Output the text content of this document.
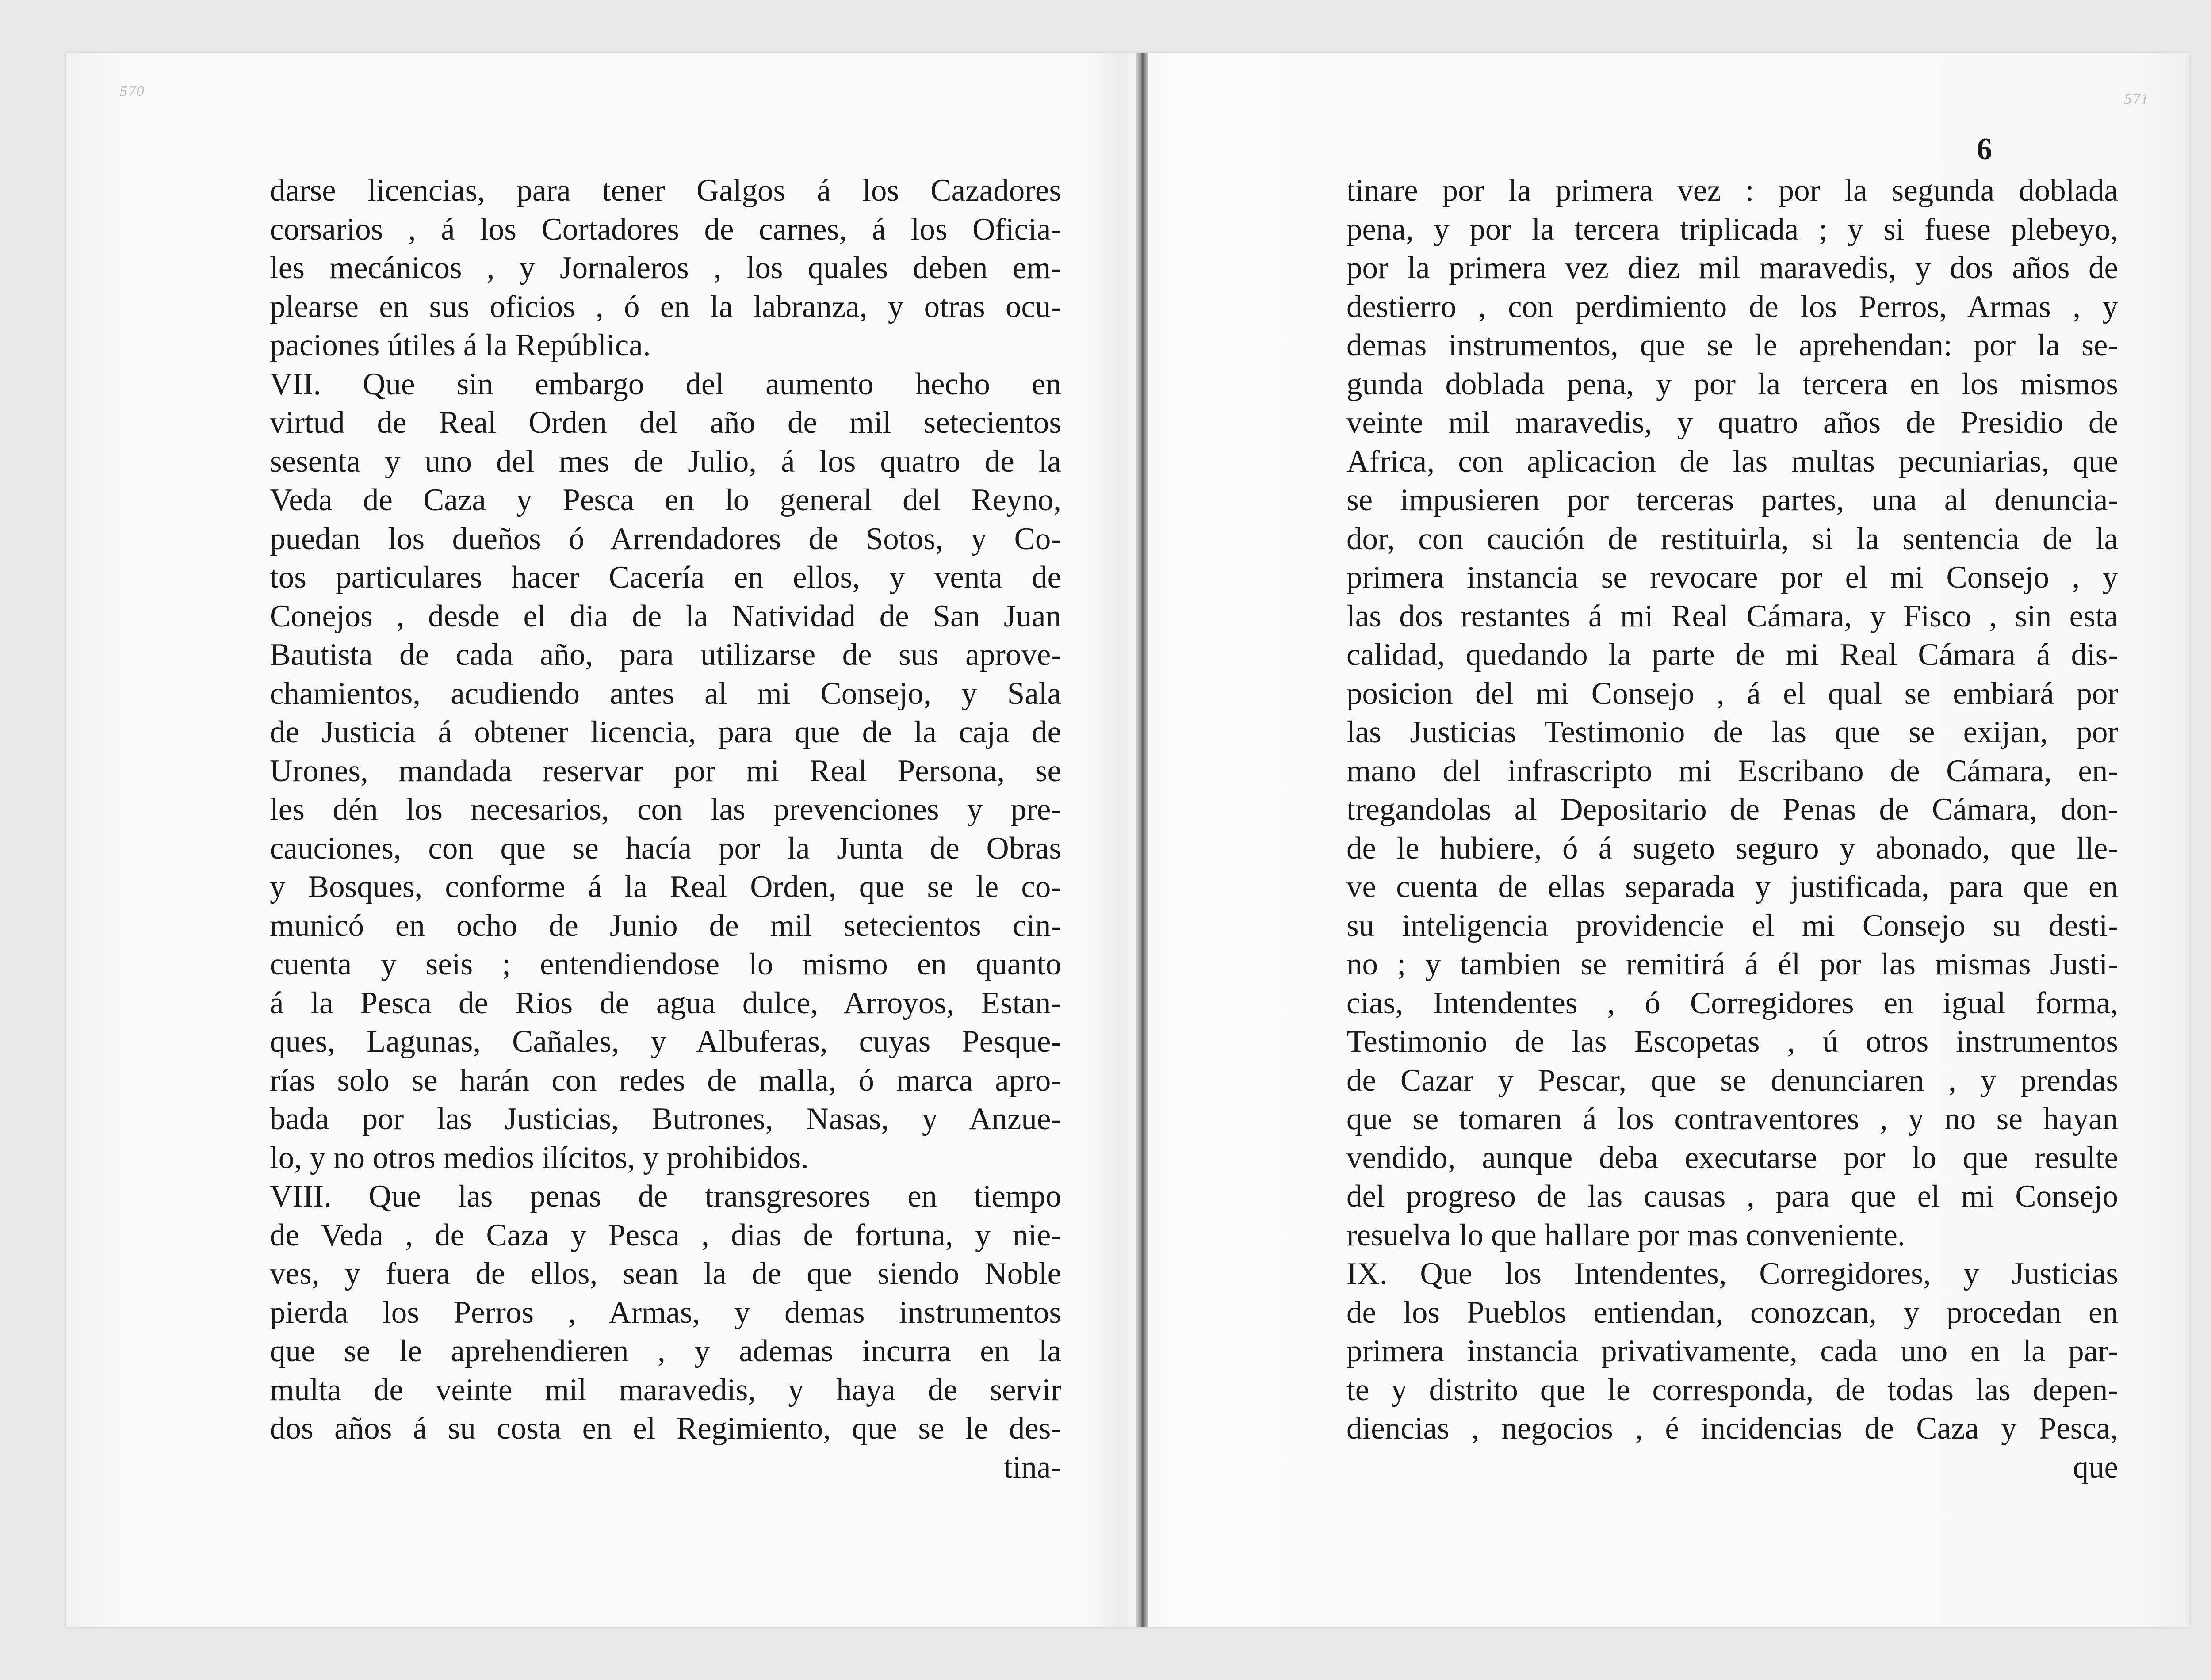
570
darse licencias, para tener Galgos á los Cazadores
corsarios , á los Cortadores de carnes, á los Oficia-
les mecánicos , y Jornaleros , los quales deben em-
plearse en sus oficios , ó en la labranza, y otras ocu-
paciones útiles á la República.
VII. Que sin embargo del aumento hecho en
virtud de Real Orden del año de mil setecientos
sesenta y uno del mes de Julio, á los quatro de la
Veda de Caza y Pesca en lo general del Reyno,
puedan los dueños ó Arrendadores de Sotos, y Co-
tos particulares hacer Cacería en ellos, y venta de
Conejos , desde el dia de la Natividad de San Juan
Bautista de cada año, para utilizarse de sus aprove-
chamientos, acudiendo antes al mi Consejo, y Sala
de Justicia á obtener licencia, para que de la caja de
Urones, mandada reservar por mi Real Persona, se
les dén los necesarios, con las prevenciones y pre-
cauciones, con que se hacía por la Junta de Obras
y Bosques, conforme á la Real Orden, que se le co-
municó en ocho de Junio de mil setecientos cin-
cuenta y seis ; entendiendose lo mismo en quanto
á la Pesca de Rios de agua dulce, Arroyos, Estan-
ques, Lagunas, Cañales, y Albuferas, cuyas Pesque-
rías solo se harán con redes de malla, ó marca apro-
bada por las Justicias, Butrones, Nasas, y Anzue-
lo, y no otros medios ilícitos, y prohibidos.
VIII. Que las penas de transgresores en tiempo
de Veda , de Caza y Pesca , dias de fortuna, y nie-
ves, y fuera de ellos, sean la de que siendo Noble
pierda los Perros , Armas, y demas instrumentos
que se le aprehendieren , y ademas incurra en la
multa de veinte mil maravedis, y haya de servir
dos años á su costa en el Regimiento, que se le des-
tina-
571

6

tinare por la primera vez : por la segunda doblada
pena, y por la tercera triplicada ; y si fuese plebeyo,
por la primera vez diez mil maravedis, y dos años de
destierro , con perdimiento de los Perros, Armas , y
demas instrumentos, que se le aprehendan: por la se-
gunda doblada pena, y por la tercera en los mismos
veinte mil maravedis, y quatro años de Presidio de
Africa, con aplicacion de las multas pecuniarias, que
se impusieren por terceras partes, una al denuncia-
dor, con caución de restituirla, si la sentencia de la
primera instancia se revocare por el mi Consejo , y
las dos restantes á mi Real Cámara, y Fisco , sin esta
calidad, quedando la parte de mi Real Cámara á dis-
posicion del mi Consejo , á el qual se embiará por
las Justicias Testimonio de las que se exijan, por
mano del infrascripto mi Escribano de Cámara, en-
tregandolas al Depositario de Penas de Cámara, don-
de le hubiere, ó á sugeto seguro y abonado, que lle-
ve cuenta de ellas separada y justificada, para que en
su inteligencia providencie el mi Consejo su desti-
no ; y tambien se remitirá á él por las mismas Justi-
cias, Intendentes , ó Corregidores en igual forma,
Testimonio de las Escopetas , ú otros instrumentos
de Cazar y Pescar, que se denunciaren , y prendas
que se tomaren á los contraventores , y no se hayan
vendido, aunque deba executarse por lo que resulte
del progreso de las causas , para que el mi Consejo
resuelva lo que hallare por mas conveniente.
IX. Que los Intendentes, Corregidores, y Justicias
de los Pueblos entiendan, conozcan, y procedan en
primera instancia privativamente, cada uno en la par-
te y distrito que le corresponda, de todas las depen-
diencias , negocios , é incidencias de Caza y Pesca,
que
